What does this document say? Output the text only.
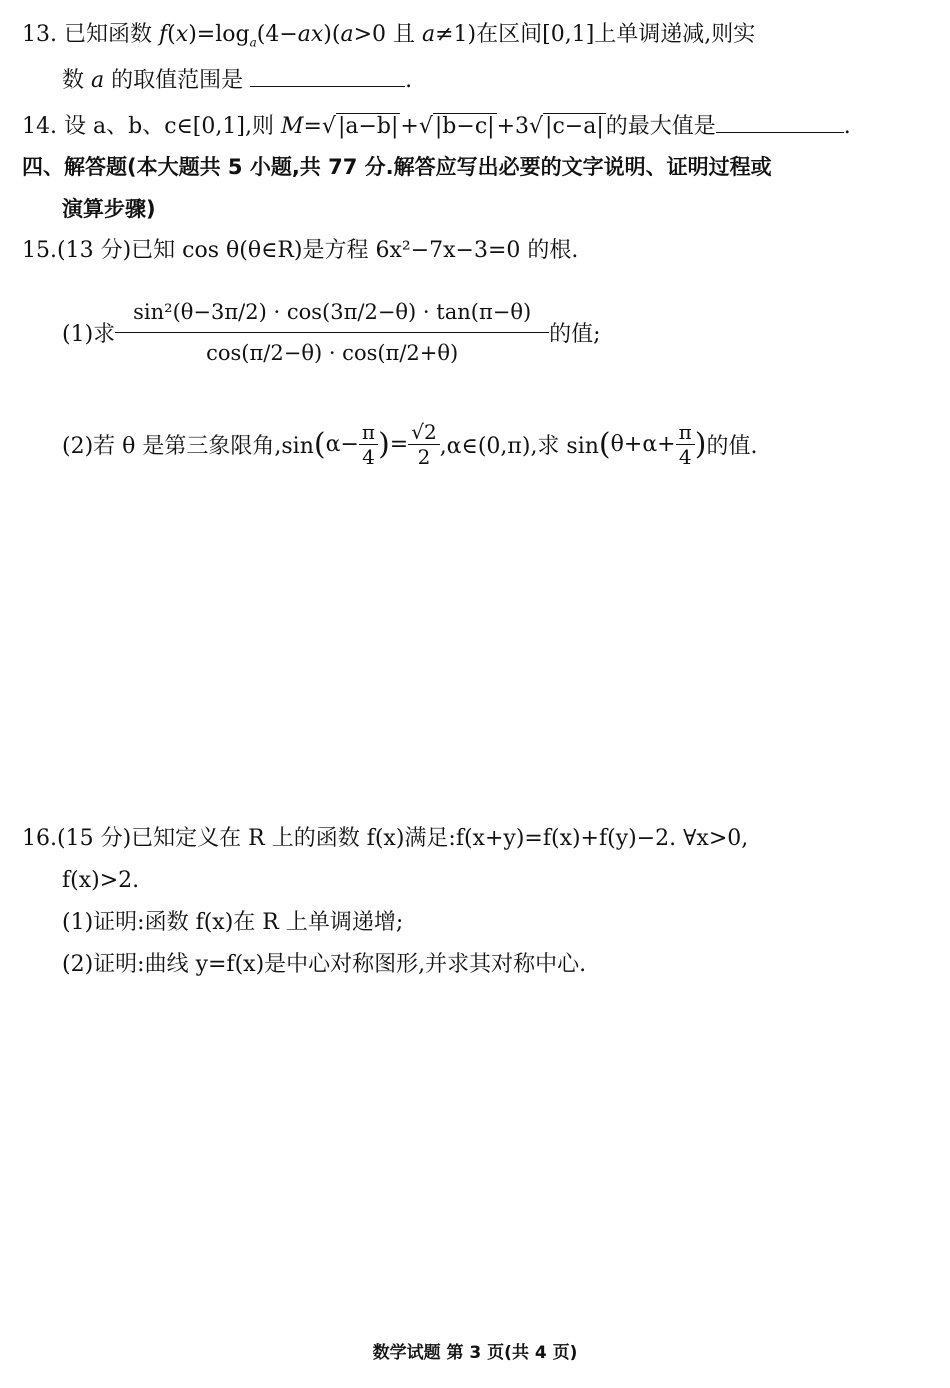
13. 已知函数 $f(x)=\log_a(4-ax)(a>0$ 且 a≠1)在区间[0,1]上单调递减,则实
数 a 的取值范围是	.
14. 设 a、b、c∈[0,1],则 M=√|a−b|+√|b−c|+3√|c−a|的最大值是	.
四、解答题(本大题共 5 小题,共 77 分.解答应写出必要的文字说明、证明过程或
演算步骤)
15.(13 分)已知 cos θ(θ∈R)是方程 6x²−7x−3=0 的根.
(1)求 $\frac{\text{sin²(θ−3π/2) · cos(3π/2−θ) · tan(π−θ)}}{\cos(\pi/2-\theta) \cdot \cos(\pi/2+\theta)}$ 的值;
(2)若 θ 是第三象限角$,\sin(\alpha- \frac{\pi}{4}$ )= $\frac{√2}{2}$ ,α∈(0,π),求 $\sin(\theta+\alpha+ \frac{\pi}{4}$ )的值.
16.(15 分)已知定义在 R 上的函数 f(x)满足:f(x+y)=f(x)+f(y)−2. ∀x>0,
f(x)>2.
(1)证明:函数 f(x)在 R 上单调递增;
(2)证明:曲线 y=f(x)是中心对称图形,并求其对称中心.
数学试题 第 3 页(共 4 页)
